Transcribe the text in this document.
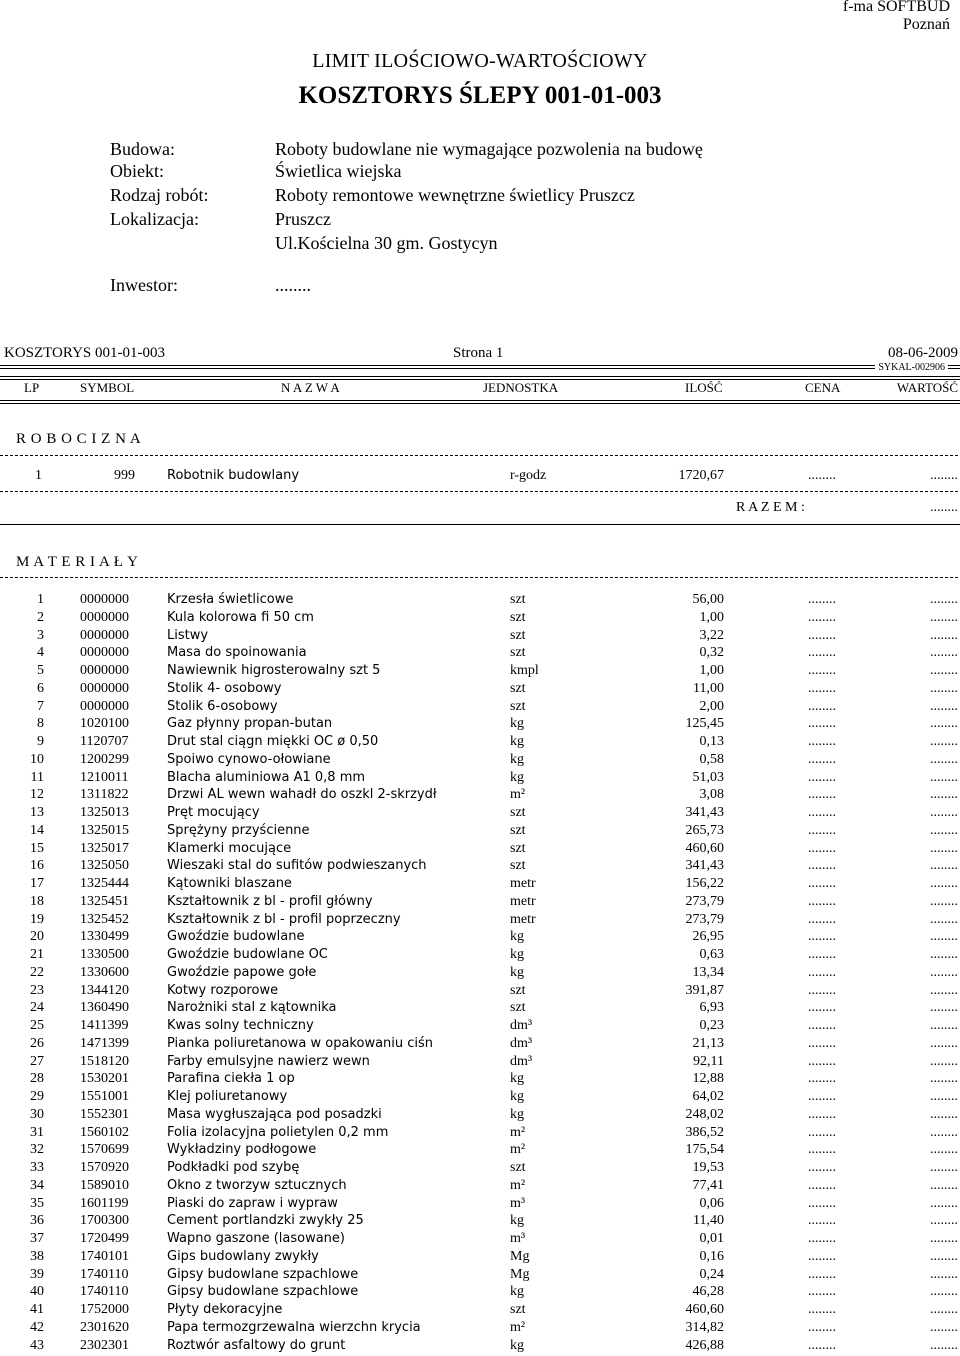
f-ma SOFTBUD
Poznań
LIMIT ILOŚCIOWO-WARTOŚCIOWY
KOSZTORYS ŚLEPY 001-01-003
Budowa:	Roboty budowlane nie wymagające pozwolenia na budowę
Obiekt:	Świetlica wiejska
Rodzaj robót:	Roboty remontowe wewnętrzne świetlicy Pruszcz
Lokalizacja:	Pruszcz
Ul.Kościelna 30 gm. Gostycyn
Inwestor:	........
KOSZTORYS 001-01-003	Strona 1	08-06-2009
SYKAL-002906
LP	SYMBOL	N A Z W A	JEDNOSTKA	ILOŚĆ	CENA	WARTOŚĆ
R O B O C I Z N A
1	999 Robotnik budowlany	r-godz	1720,67	........	........
R A Z E M :	........
M A T E R I A Ł Y
1	0000000	Krzesła świetlicowe	szt	56,00	........	........
2	0000000	Kula kolorowa fi 50 cm	szt	1,00	........	........
3	0000000	Listwy	szt	3,22	........	........
4	0000000	Masa do spoinowania	szt	0,32	........	........
5	0000000	Nawiewnik higrosterowalny szt 5	kmpl	1,00	........	........
6	0000000	Stolik 4- osobowy	szt	11,00	........	........
7	0000000	Stolik 6-osobowy	szt	2,00	........	........
8	1020100	Gaz płynny propan-butan	kg	125,45	........	........
9	1120707	Drut stal ciągn miękki OC ø 0,50	kg	0,13	........	........
10	1200299	Spoiwo cynowo-ołowiane	kg	0,58	........	........
11	1210011	Blacha aluminiowa A1 0,8 mm	kg	51,03	........	........
12	1311822	Drzwi AL wewn wahadł do oszkl 2-skrzydł	m²	3,08	........	........
13	1325013	Pręt mocujący	szt	341,43	........	........
14	1325015	Sprężyny przyścienne	szt	265,73	........	........
15	1325017	Klamerki mocujące	szt	460,60	........	........
16	1325050	Wieszaki stal do sufitów podwieszanych	szt	341,43	........	........
17	1325444	Kątowniki blaszane	metr	156,22	........	........
18	1325451	Kształtownik z bl - profil główny	metr	273,79	........	........
19	1325452	Kształtownik z bl - profil poprzeczny	metr	273,79	........	........
20	1330499	Gwoździe budowlane	kg	26,95	........	........
21	1330500	Gwoździe budowlane OC	kg	0,63	........	........
22	1330600	Gwoździe papowe gołe	kg	13,34	........	........
23	1344120	Kotwy rozporowe	szt	391,87	........	........
24	1360490	Narożniki stal z kątownika	szt	6,93	........	........
25	1411399	Kwas solny techniczny	dm³	0,23	........	........
26	1471399	Pianka poliuretanowa w opakowaniu ciśn	dm³	21,13	........	........
27	1518120	Farby emulsyjne nawierz wewn	dm³	92,11	........	........
28	1530201	Parafina ciekła 1 op	kg	12,88	........	........
29	1551001	Klej poliuretanowy	kg	64,02	........	........
30	1552301	Masa wygłuszająca pod posadzki	kg	248,02	........	........
31	1560102	Folia izolacyjna polietylen 0,2 mm	m²	386,52	........	........
32	1570699	Wykładziny podłogowe	m²	175,54	........	........
33	1570920	Podkładki pod szybę	szt	19,53	........	........
34	1589010	Okno z tworzyw sztucznych	m²	77,41	........	........
35	1601199	Piaski do zapraw i wypraw	m³	0,06	........	........
36	1700300	Cement portlandzki zwykły 25	kg	11,40	........	........
37	1720499	Wapno gaszone (lasowane)	m³	0,01	........	........
38	1740101	Gips budowlany zwykły	Mg	0,16	........	........
39	1740110	Gipsy budowlane szpachlowe	Mg	0,24	........	........
40	1740110	Gipsy budowlane szpachlowe	kg	46,28	........	........
41	1752000	Płyty dekoracyjne	szt	460,60	........	........
42	2301620	Papa termozgrzewalna wierzchn krycia	m²	314,82	........	........
43	2302301	Roztwór asfaltowy do grunt	kg	426,88	........	........
